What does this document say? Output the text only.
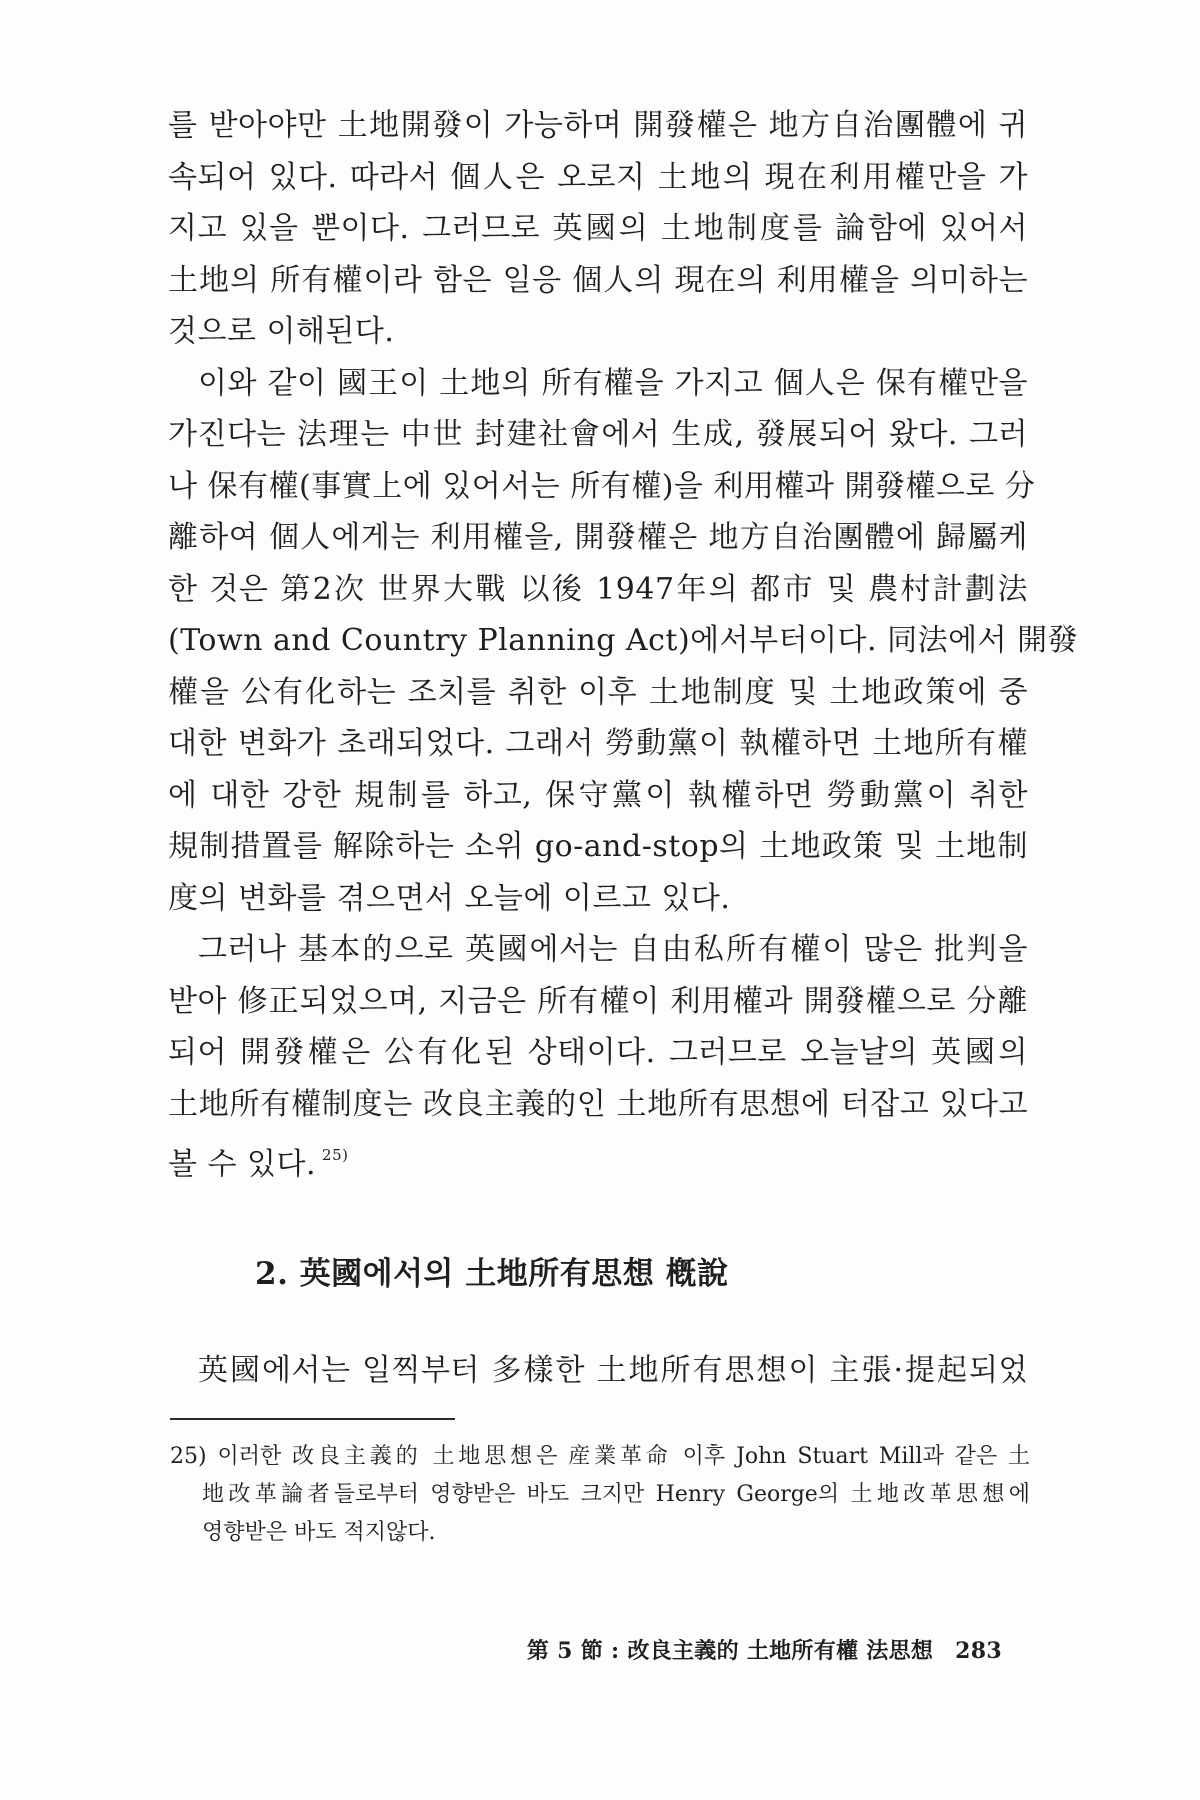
를 받아야만 土地開發이 가능하며 開發權은 地方自治團體에 귀
속되어 있다. 따라서 個人은 오로지 土地의 現在利用權만을 가
지고 있을 뿐이다. 그러므로 英國의 土地制度를 論함에 있어서
土地의 所有權이라 함은 일응 個人의 現在의 利用權을 의미하는
것으로 이해된다.
이와 같이 國王이 土地의 所有權을 가지고 個人은 保有權만을
가진다는 法理는 中世 封建社會에서 生成, 發展되어 왔다. 그러
나 保有權(事實上에 있어서는 所有權)을 利用權과 開發權으로 分
離하여 個人에게는 利用權을, 開發權은 地方自治團體에 歸屬케
한 것은 第2次 世界大戰 以後 1947年의 都市 및 農村計劃法
(Town and Country Planning Act)에서부터이다. 同法에서 開發
權을 公有化하는 조치를 취한 이후 土地制度 및 土地政策에 중
대한 변화가 초래되었다. 그래서 勞動黨이 執權하면 土地所有權
에 대한 강한 規制를 하고, 保守黨이 執權하면 勞動黨이 취한
規制措置를 解除하는 소위 go-and-stop의 土地政策 및 土地制
度의 변화를 겪으면서 오늘에 이르고 있다.
그러나 基本的으로 英國에서는 自由私所有權이 많은 批判을
받아 修正되었으며, 지금은 所有權이 利用權과 開發權으로 分離
되어 開發權은 公有化된 상태이다. 그러므로 오늘날의 英國의
土地所有權制度는 改良主義的인 土地所有思想에 터잡고 있다고
볼 수 있다. $^{25)}$
2. 英國에서의 土地所有思想 槪說
英國에서는 일찍부터 多樣한 土地所有思想이 主張·提起되었
25) 이러한 改良主義的 土地思想은 産業革命 이후 John Stuart Mill과 같은 土
地改革論者들로부터 영향받은 바도 크지만 Henry George의 土地改革思想에
영향받은 바도 적지않다.
第 5 節 : 改良主義的 土地所有權 法思想 283
